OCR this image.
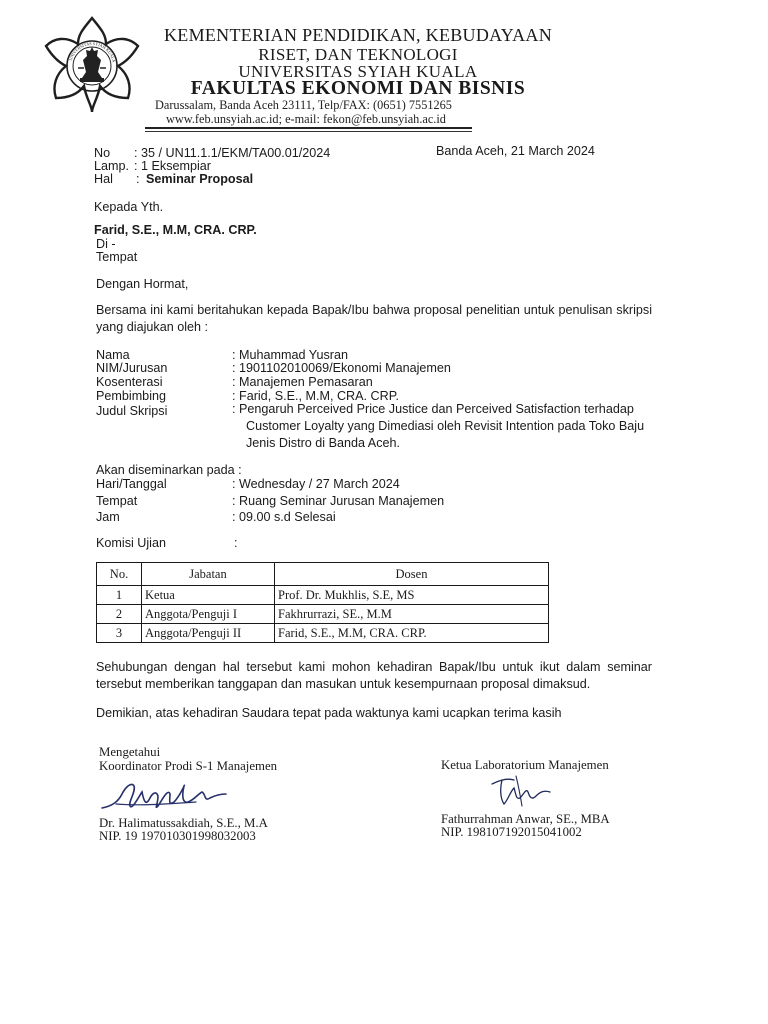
UNIVERSITAS SYIAH KUALA
KEMENTERIAN PENDIDIKAN, KEBUDAYAAN
RISET, DAN TEKNOLOGI
UNIVERSITAS SYIAH KUALA
FAKULTAS EKONOMI DAN BISNIS
Darussalam, Banda Aceh 23111, Telp/FAX: (0651) 7551265
www.feb.unsyiah.ac.id; e-mail: fekon@feb.unsyiah.ac.id
No : 35 / UN11.1.1/EKM/TA00.01/2024
Lamp. : 1 Eksempiar
Hal : Seminar Proposal
Banda Aceh, 21 March 2024
Kepada Yth.
Farid, S.E., M.M, CRA. CRP.
Di -
Tempat
Dengan Hormat,
Bersama ini kami beritahukan kepada Bapak/Ibu bahwa proposal penelitian untuk penulisan skripsi yang diajukan oleh :
Nama	: Muhammad Yusran
NIM/Jurusan	: 1901102010069/Ekonomi Manajemen
Kosenterasi	: Manajemen Pemasaran
Pembimbing	: Farid, S.E., M.M, CRA. CRP.
Judul Skripsi	: Pengaruh Perceived Price Justice dan Perceived Satisfaction terhadap
Customer Loyalty yang Dimediasi oleh Revisit Intention pada Toko Baju
Jenis Distro di Banda Aceh.
Akan diseminarkan pada :
Hari/Tanggal	: Wednesday / 27 March 2024
Tempat	: Ruang Seminar Jurusan Manajemen
Jam	: 09.00 s.d Selesai
Komisi Ujian	:
No.	Jabatan	Dosen
1	Ketua	Prof. Dr. Mukhlis, S.E, MS
2	Anggota/Penguji I	Fakhrurrazi, SE., M.M
3	Anggota/Penguji II	Farid, S.E., M.M, CRA. CRP.
Sehubungan dengan hal tersebut kami mohon kehadiran Bapak/Ibu untuk ikut dalam seminar tersebut memberikan tanggapan dan masukan untuk kesempurnaan proposal dimaksud.
Demikian, atas kehadiran Saudara tepat pada waktunya kami ucapkan terima kasih
Mengetahui
Koordinator Prodi S-1 Manajemen
Dr. Halimatussakdiah, S.E., M.A
NIP. 19 197010301998032003
Ketua Laboratorium Manajemen
Fathurrahman Anwar, SE., MBA
NIP. 198107192015041002
